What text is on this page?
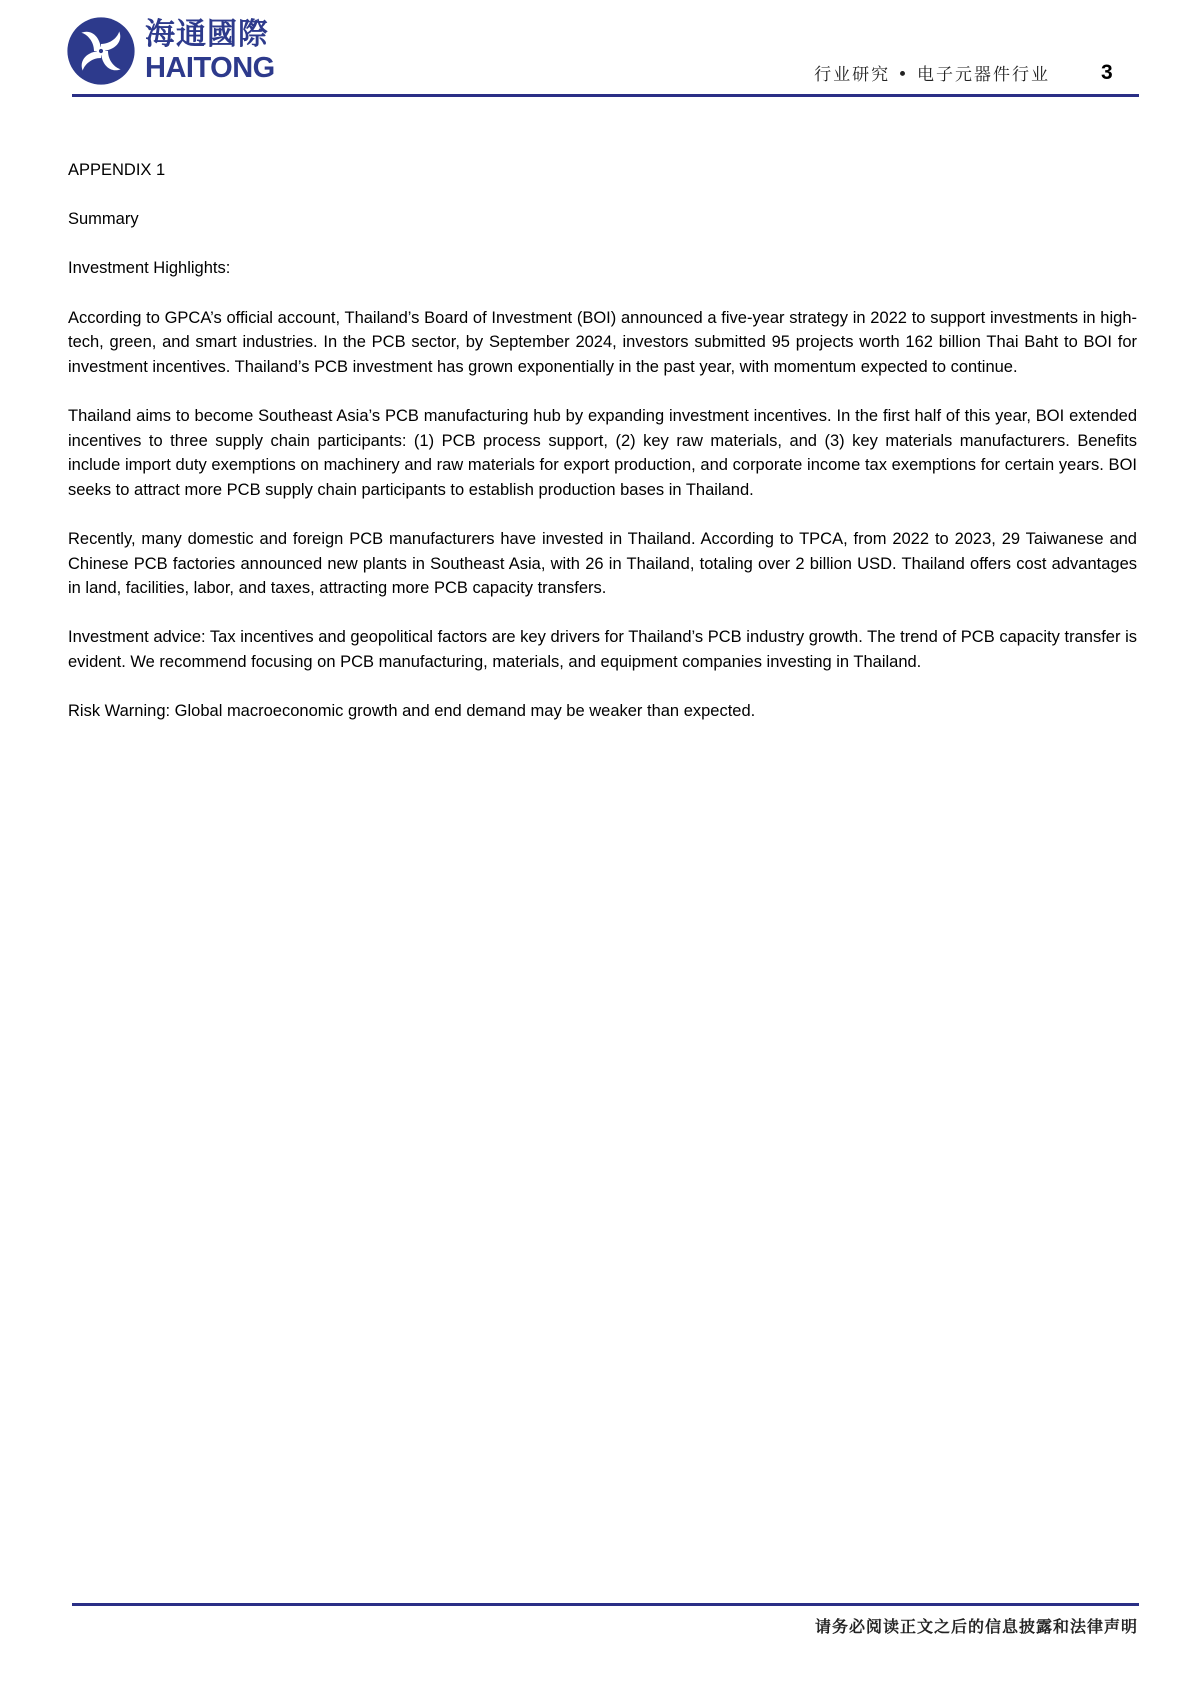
海通國際
HAITONG	行业研究 • 电子元器件行业 3
APPENDIX 1
Summary
Investment Highlights:

According to GPCA’s official account, Thailand’s Board of Investment (BOI) announced a five-year strategy in 2022 to support investments in high-tech, green, and smart industries. In the PCB sector, by September 2024, investors submitted 95 projects worth 162 billion Thai Baht to BOI for investment incentives. Thailand’s PCB investment has grown exponentially in the past year, with momentum expected to continue.

Thailand aims to become Southeast Asia’s PCB manufacturing hub by expanding investment incentives. In the first half of this year, BOI extended incentives to three supply chain participants: (1) PCB process support, (2) key raw materials, and (3) key materials manufacturers. Benefits include import duty exemptions on machinery and raw materials for export production, and corporate income tax exemptions for certain years. BOI seeks to attract more PCB supply chain participants to establish production bases in Thailand.

Recently, many domestic and foreign PCB manufacturers have invested in Thailand. According to TPCA, from 2022 to 2023, 29 Taiwanese and Chinese PCB factories announced new plants in Southeast Asia, with 26 in Thailand, totaling over 2 billion USD. Thailand offers cost advantages in land, facilities, labor, and taxes, attracting more PCB capacity transfers.

Investment advice: Tax incentives and geopolitical factors are key drivers for Thailand’s PCB industry growth. The trend of PCB capacity transfer is evident. We recommend focusing on PCB manufacturing, materials, and equipment companies investing in Thailand.

Risk Warning: Global macroeconomic growth and end demand may be weaker than expected.

请务必阅读正文之后的信息披露和法律声明
